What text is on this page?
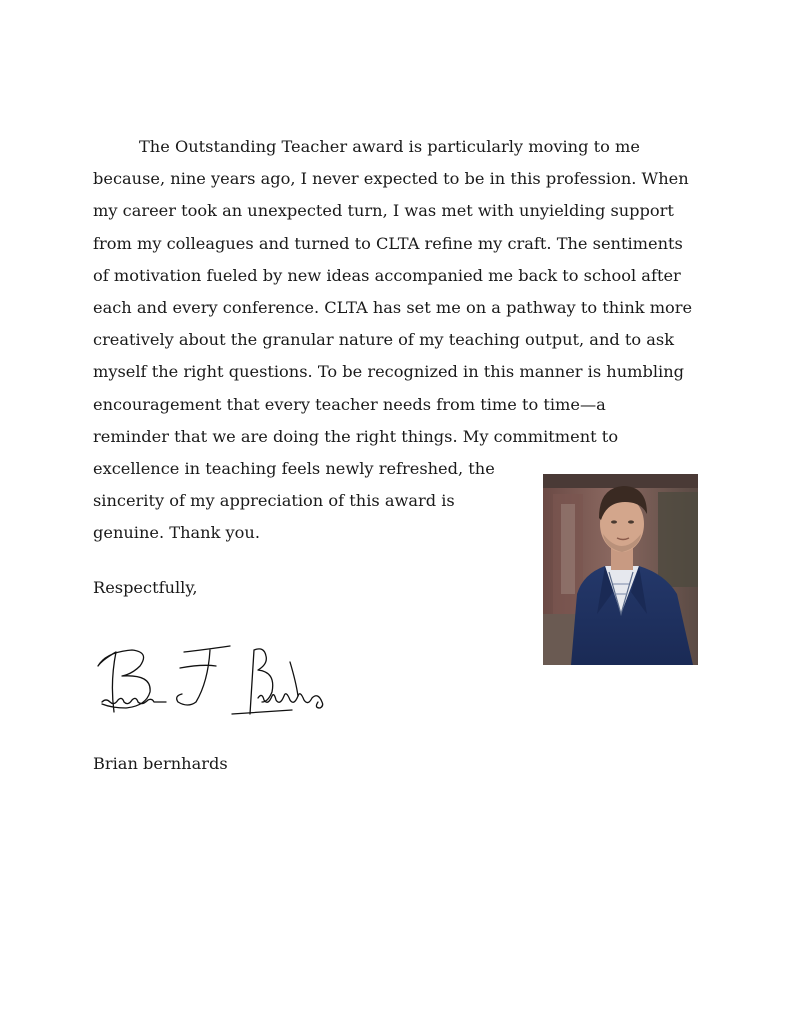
The Outstanding Teacher award is particularly moving to me
because, nine years ago, I never expected to be in this profession. When
my career took an unexpected turn, I was met with unyielding support
from my colleagues and turned to CLTA refine my craft. The sentiments
of motivation fueled by new ideas accompanied me back to school after
each and every conference. CLTA has set me on a pathway to think more
creatively about the granular nature of my teaching output, and to ask
myself the right questions. To be recognized in this manner is humbling
encouragement that every teacher needs from time to time—a
reminder that we are doing the right things. My commitment to
excellence in teaching feels newly refreshed, the
sincerity of my appreciation of this award is
genuine. Thank you.
Respectfully,
Brian bernhards
